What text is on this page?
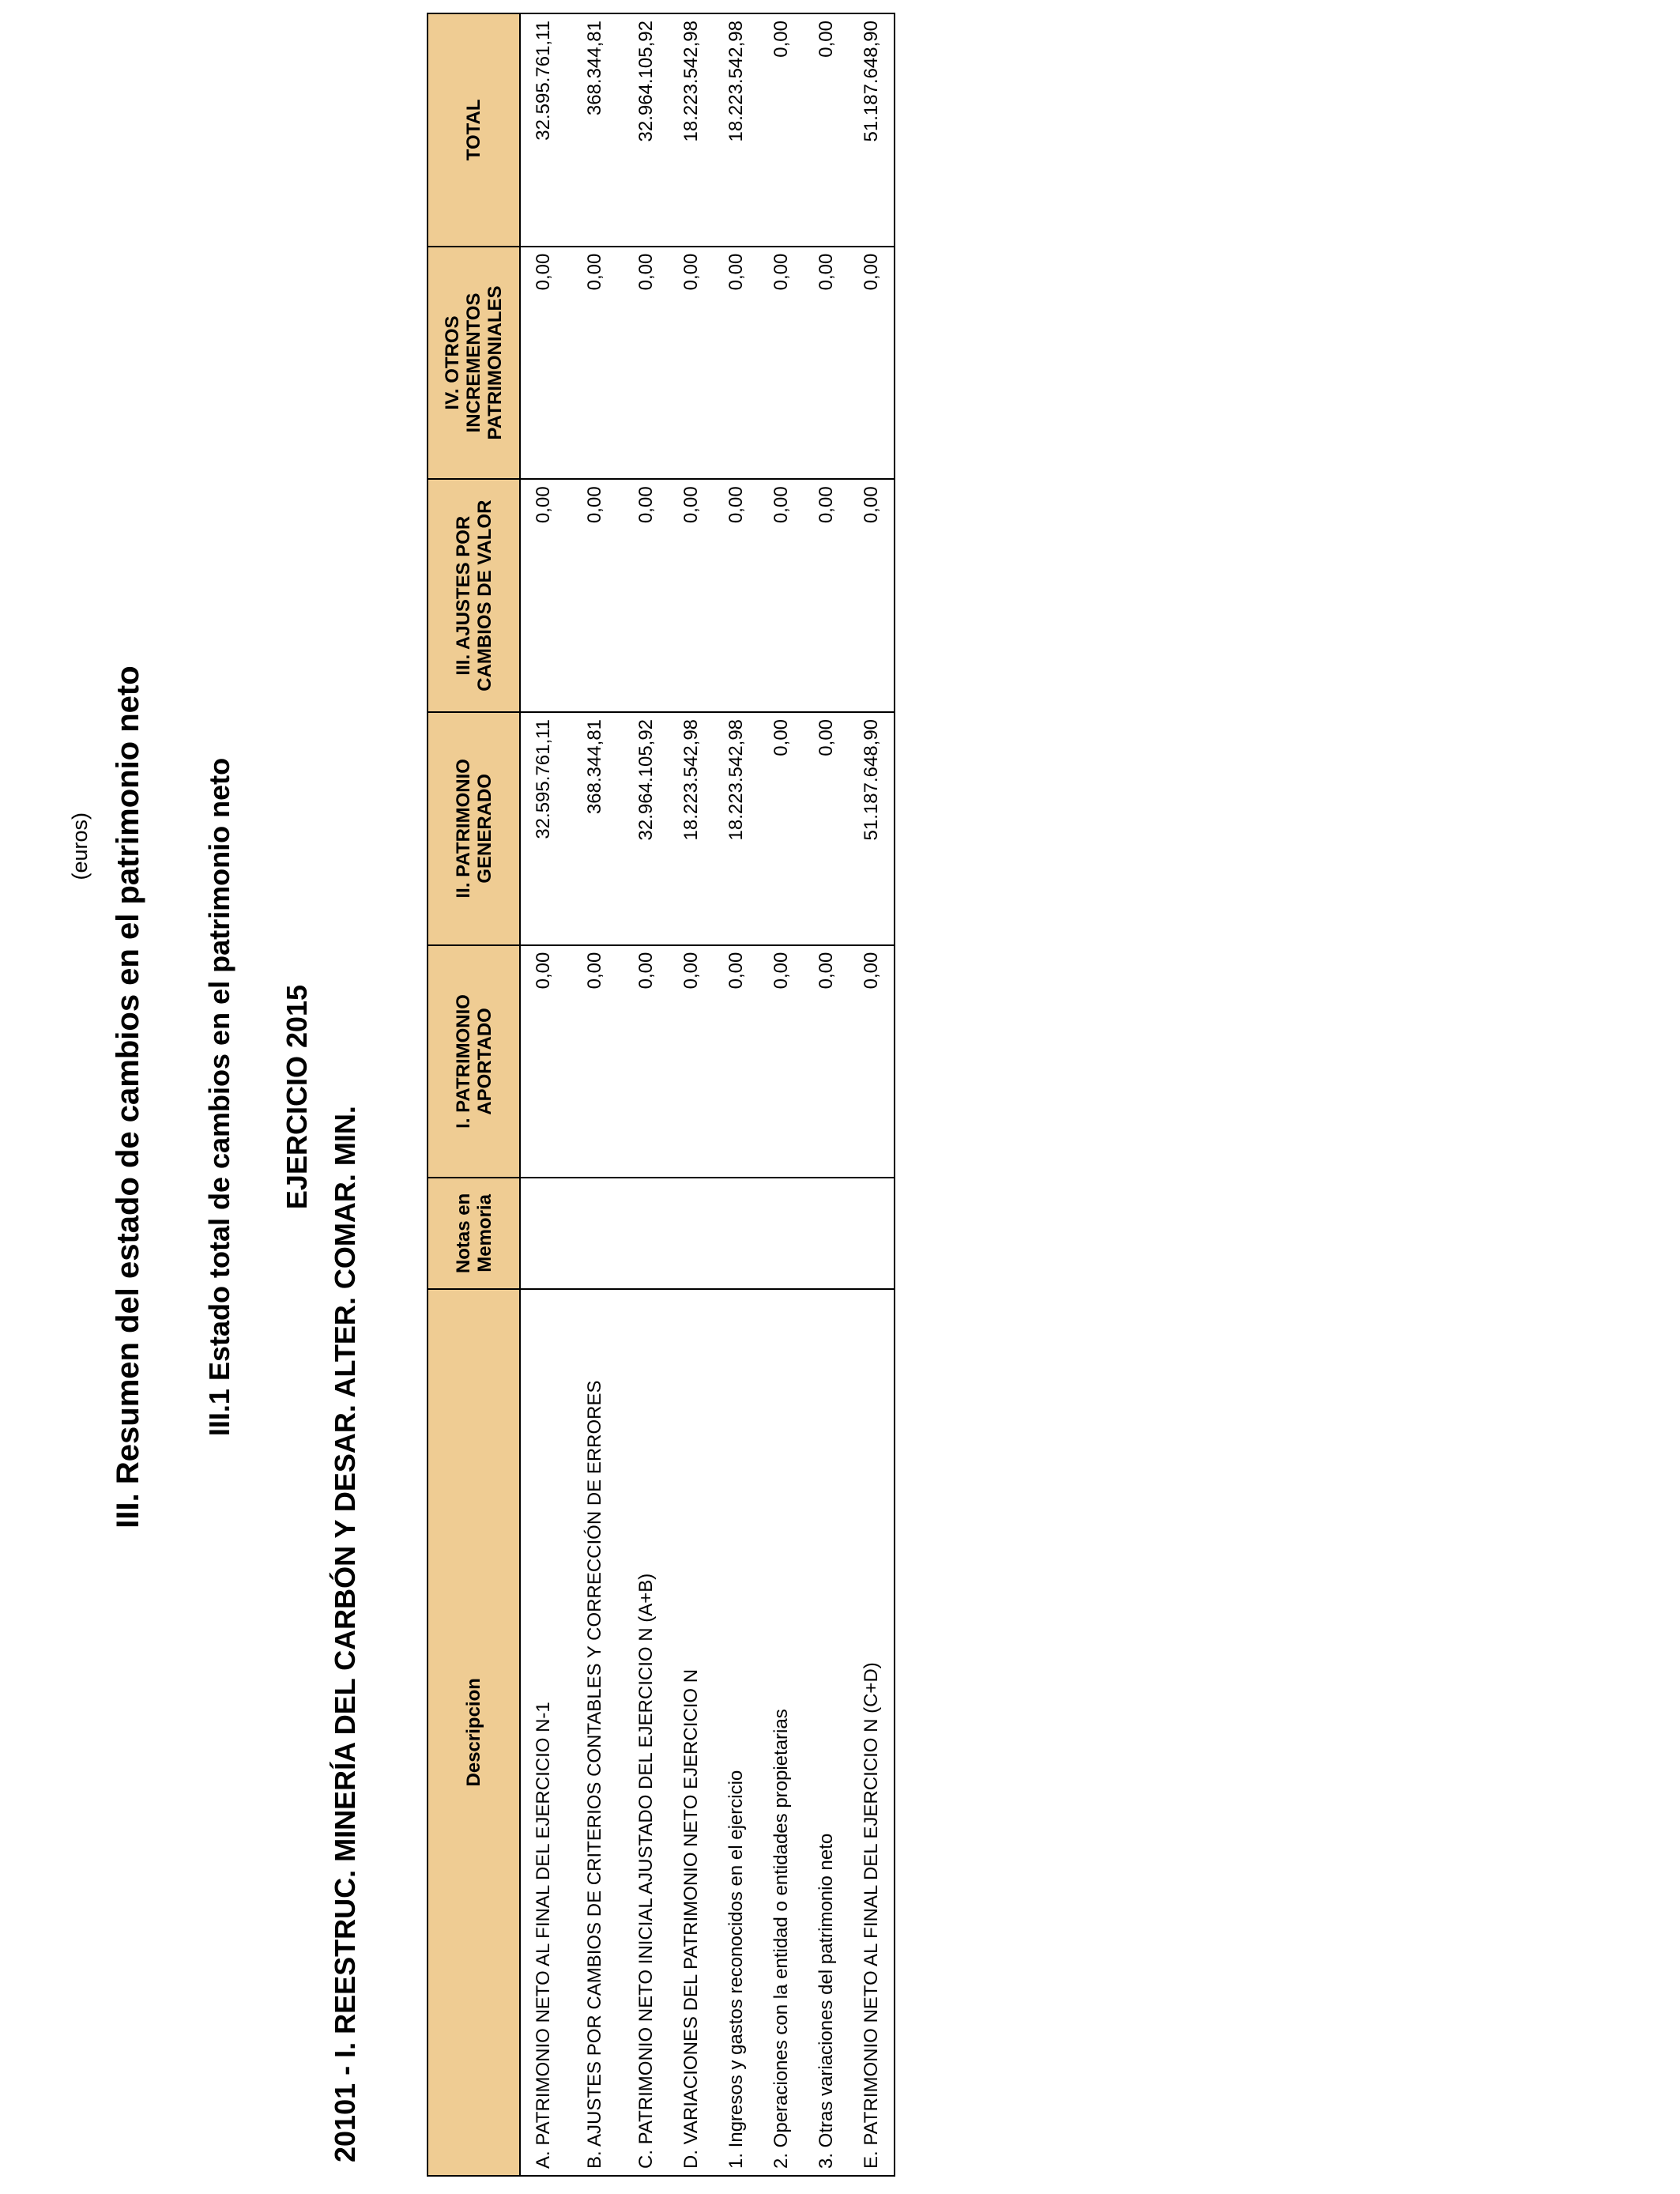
III. Resumen del estado de cambios en el patrimonio neto III.1 Estado total de cambios en el patrimonio neto EJERCICIO 2015
20101 - I. REESTRUC. MINERÍA DEL CARBÓN Y DESAR. ALTER. COMAR. MIN.
(euros)
Descripcion	Notas en Memoria	I. PATRIMONIO APORTADO	II. PATRIMONIO GENERADO	III. AJUSTES POR CAMBIOS DE VALOR	IV. OTROS INCREMENTOS PATRIMONIALES	TOTAL
A. PATRIMONIO NETO AL FINAL DEL EJERCICIO N-1		0,00	32.595.761,11	0,00	0,00	32.595.761,11
B. AJUSTES POR CAMBIOS DE CRITERIOS CONTABLES Y CORRECCIÓN DE ERRORES		0,00	368.344,81	0,00	0,00	368.344,81
C. PATRIMONIO NETO INICIAL AJUSTADO DEL EJERCICIO N (A+B)		0,00	32.964.105,92	0,00	0,00	32.964.105,92
D. VARIACIONES DEL PATRIMONIO NETO EJERCICIO N		0,00	18.223.542,98	0,00	0,00	18.223.542,98
1. Ingresos y gastos reconocidos en el ejercicio		0,00	18.223.542,98	0,00	0,00	18.223.542,98
2. Operaciones con la entidad o entidades propietarias		0,00	0,00	0,00	0,00	0,00
3. Otras variaciones del patrimonio neto		0,00	0,00	0,00	0,00	0,00
E. PATRIMONIO NETO AL FINAL DEL EJERCICIO N (C+D)		0,00	51.187.648,90	0,00	0,00	51.187.648,90
